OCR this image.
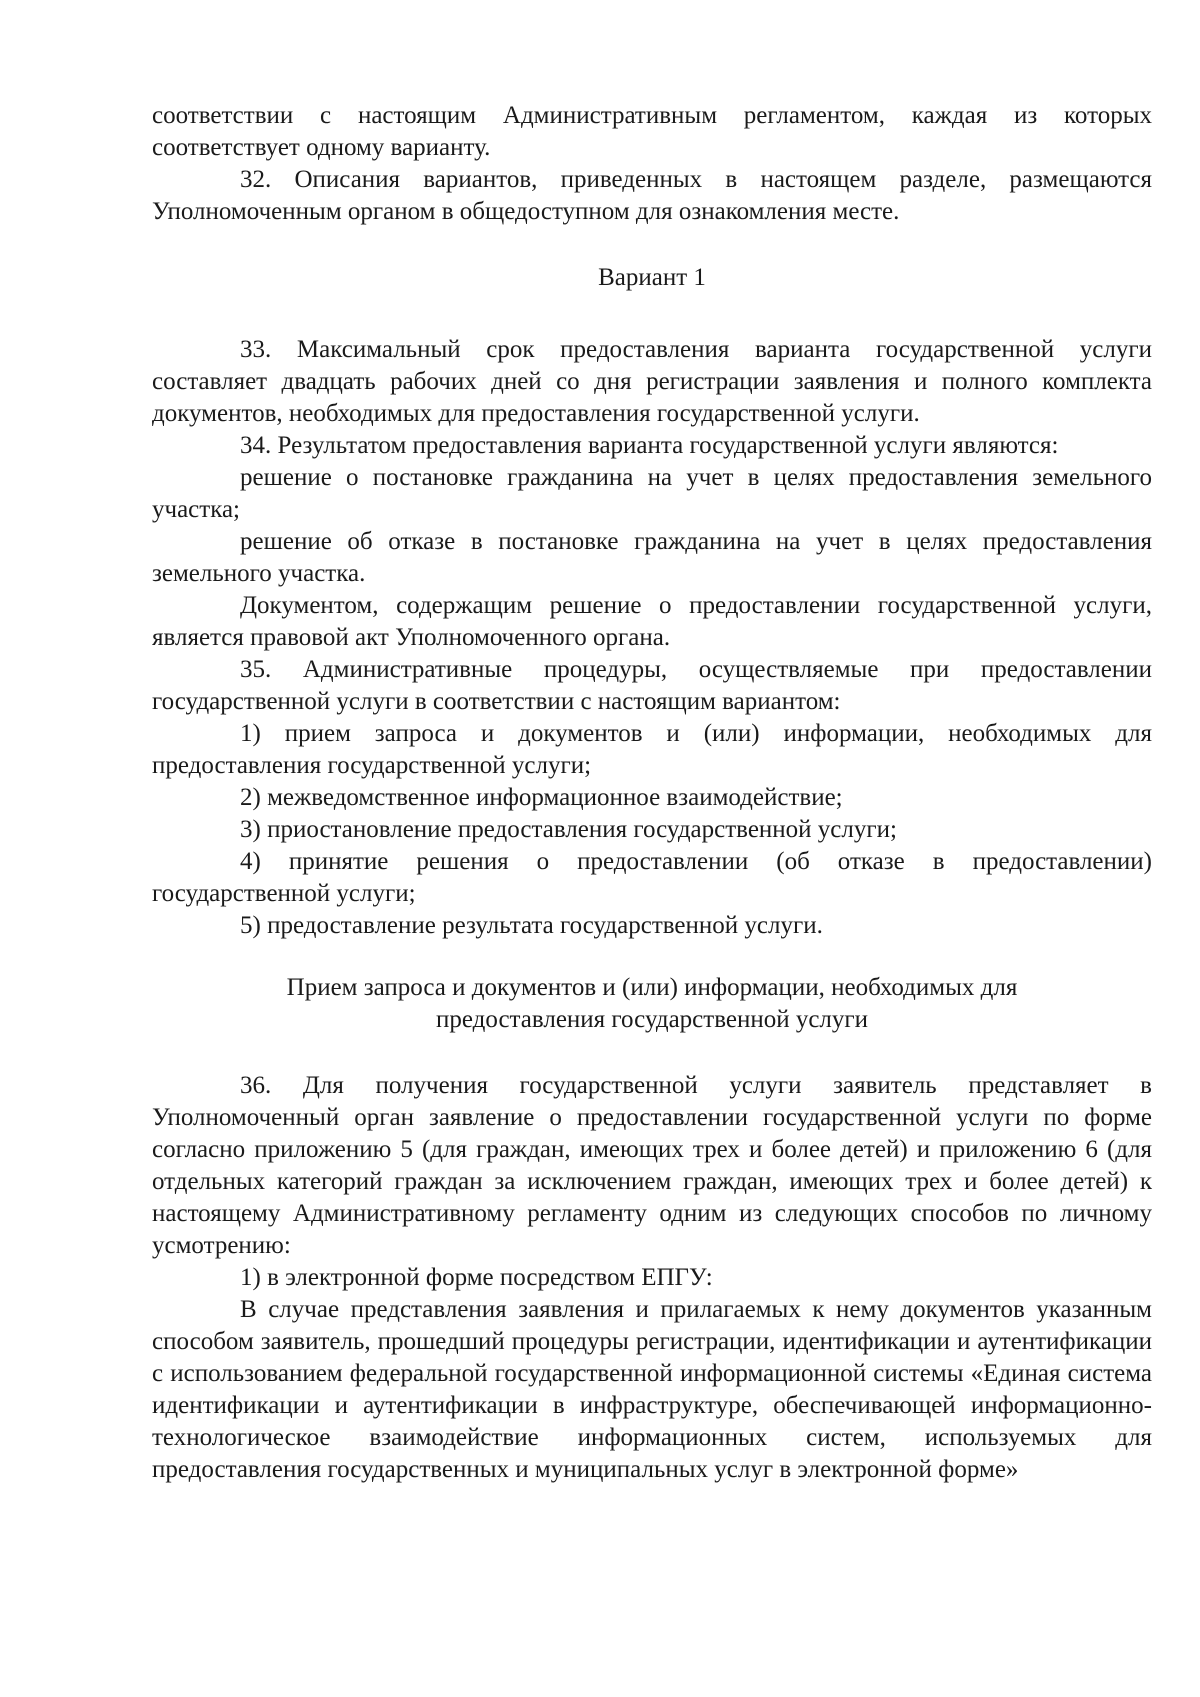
соответствии с настоящим Административным регламентом, каждая из которых соответствует одному варианту.

32. Описания вариантов, приведенных в настоящем разделе, размещаются Уполномоченным органом в общедоступном для ознакомления месте.

Вариант 1

33. Максимальный срок предоставления варианта государственной услуги составляет двадцать рабочих дней со дня регистрации заявления и полного комплекта документов, необходимых для предоставления государственной услуги.

34. Результатом предоставления варианта государственной услуги являются:

решение о постановке гражданина на учет в целях предоставления земельного участка;

решение об отказе в постановке гражданина на учет в целях предоставления земельного участка.

Документом, содержащим решение о предоставлении государственной услуги, является правовой акт Уполномоченного органа.

35. Административные процедуры, осуществляемые при предоставлении государственной услуги в соответствии с настоящим вариантом:

1) прием запроса и документов и (или) информации, необходимых для предоставления государственной услуги;

2) межведомственное информационное взаимодействие;

3) приостановление предоставления государственной услуги;

4) принятие решения о предоставлении (об отказе в предоставлении) государственной услуги;

5) предоставление результата государственной услуги.

Прием запроса и документов и (или) информации, необходимых для

предоставления государственной услуги

36. Для получения государственной услуги заявитель представляет в Уполномоченный орган заявление о предоставлении государственной услуги по форме согласно приложению 5 (для граждан, имеющих трех и более детей) и приложению 6 (для отдельных категорий граждан за исключением граждан, имеющих трех и более детей) к настоящему Административному регламенту одним из следующих способов по личному усмотрению:

1) в электронной форме посредством ЕПГУ:

В случае представления заявления и прилагаемых к нему документов указанным способом заявитель, прошедший процедуры регистрации, идентификации и аутентификации с использованием федеральной государственной информационной системы «Единая система идентификации и аутентификации в инфраструктуре, обеспечивающей информационно-технологическое взаимодействие информационных систем, используемых для предоставления государственных и муниципальных услуг в электронной форме»
